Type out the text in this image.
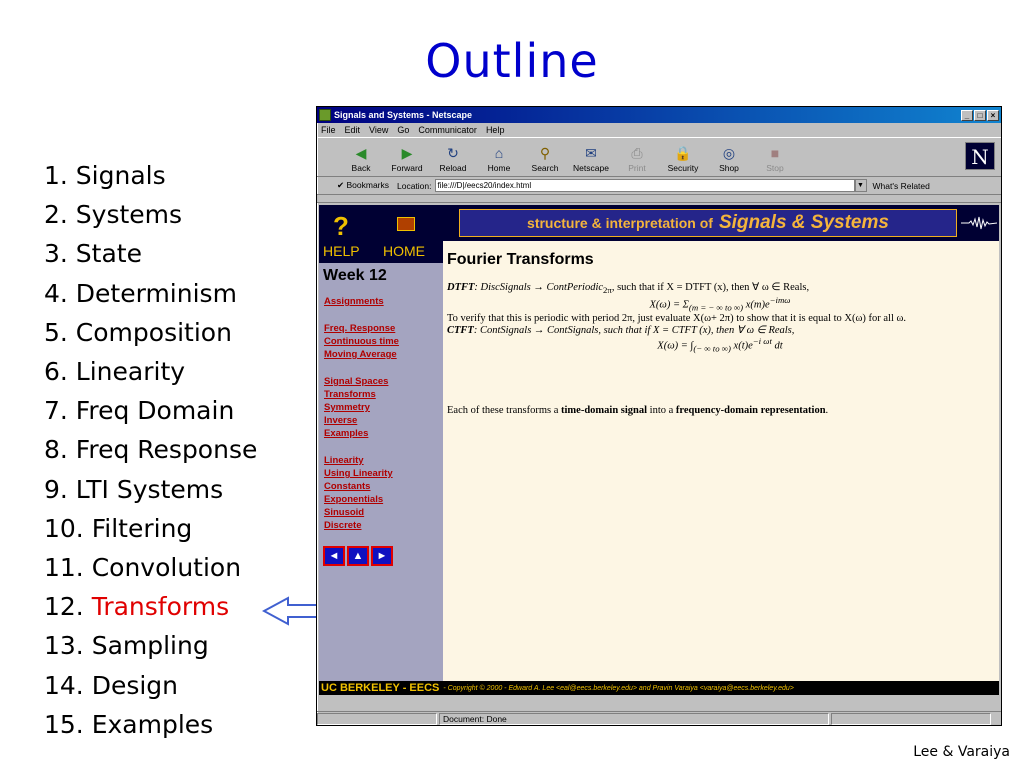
Outline
1. Signals
2. Systems
3. State
4. Determinism
5. Composition
6. Linearity
7. Freq Domain
8. Freq Response
9. LTI Systems
10. Filtering
11. Convolution
12. Transforms
13. Sampling
14. Design
15. Examples
Lee & Varaiya
Signals and Systems - Netscape	_	□	×
File Edit View Go Communicator Help
◀
Back
▶
Forward
↻
Reload
⌂
Home
⚲
Search
✉
Netscape
⎙
Print
🔒
Security
◎
Shop
■
Stop	N
✔ Bookmarks Location: file:///D|/eecs20/index.html	▼ What's Related
?
HELP HOME
Week 12
Assignments
Freq. Response
Continuous time
Moving Average
Signal Spaces
Transforms
Symmetry
Inverse
Examples
Linearity
Using Linearity
Constants
Exponentials
Sinusoid
Discrete
◄	▲	►
structure & interpretation of Signals & Systems
Fourier Transforms

DTFT: DiscSignals → ContPeriodic$_{2\pi}$, such that if X = DTFT (x), then ∀ ω ∈ Reals,

$X(\omega) = \Sigma_{(m = - \infty to \infty)}$ $x(m)e^{-im\omega}$

To verify that this is periodic with period 2π, just evaluate X(ω+ 2π) to show that it is equal to X(ω) for all ω.

CTFT: ContSignals → ContSignals, such that if X = CTFT (x), then ∀ ω ∈ Reals,

$X(\omega) = \int_{(- \infty to \infty)}$ $x(t)e^{-i \omega t}$ dt

Each of these transforms a time-domain signal into a frequency-domain representation.

UC BERKELEY - EECS - Copyright © 2000 - Edward A. Lee <eal@eecs.berkeley.edu> and Pravin Varaiya <varaiya@eecs.berkeley.edu>
Document: Done
